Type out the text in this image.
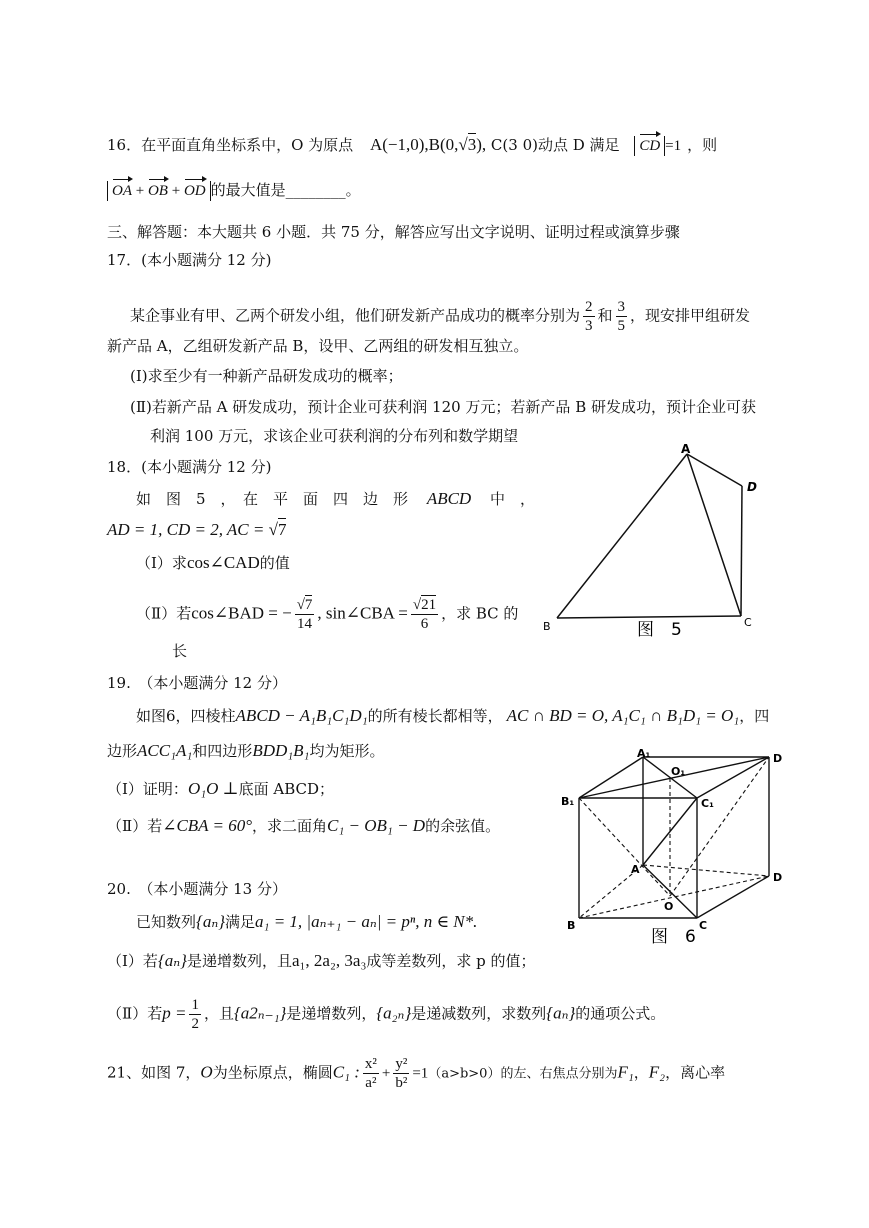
16．在平面直角坐标系中，O 为原点 A(−1,0),B(0,√3), C(3 0)动点 D 满足 CD =1 ，则
OA + OB + OD 的最大值是________。
三、解答题：本大题共 6 小题．共 75 分，解答应写出文字说明、证明过程或演算步骤
17．(本小题满分 12 分)
某企事业有甲、乙两个研发小组，他们研发新产品成功的概率分别为 $\frac{2}{3}$ 和 $\frac{3}{5}$ ，现安排甲组研发
新产品 A，乙组研发新产品 B，设甲、乙两组的研发相互独立。
(Ⅰ)求至少有一种新产品研发成功的概率；
(Ⅱ)若新产品 A 研发成功，预计企业可获利润 120 万元；若新产品 B 研发成功，预计企业可获
利润 100 万元，求该企业可获利润的分布列和数学期望
18．(本小题满分 12 分)
如　图　5　，　在　平　面　四　边　形 ABCD 中　，
AD = 1, CD = 2, AC = √7
（Ⅰ）求cos∠CAD的值
（Ⅱ）若cos∠BAD = − $\frac{√7}{14}$ , sin∠CBA = $\frac{√21}{6}$ ，求 BC 的
长
A
D
B	C
图　5
19.　（本小题满分 12 分）
如图6，四棱柱ABCD − A₁B₁C₁D₁的所有棱长都相等， AC ∩ BD = O, A₁C₁ ∩ B₁D₁ = O₁，四
边形ACC₁A₁和四边形BDD₁B₁均为矩形。
（Ⅰ）证明：O₁O ⊥底面 ABCD；
（Ⅱ）若∠CBA = 60°，求二面角C₁ − OB₁ − D的余弦值。
A₁
O₁
D
B₁	C₁
A
D
O
B	C
图　6
20.　（本小题满分 13 分）
已知数列{aₙ}满足a₁ = 1, |aₙ₊₁ − aₙ| = pⁿ, n ∈ N*.
（Ⅰ）若{aₙ}是递增数列，且a₁, 2a₂, 3a₃成等差数列，求 p 的值；
（Ⅱ）若$p = \frac{1}{2}$ ，且{a2ₙ₋₁}是递增数列，{a₂ₙ}是递减数列，求数列{aₙ}的通项公式。
21、如图 7，O为坐标原点，椭圆C₁ : $\frac{\text{x²}}{\text{a²}} + \frac{\text{y²}}{\text{b²}} =1(a>b>0)$的左、右焦点分别为F₁，F₂，离心率
